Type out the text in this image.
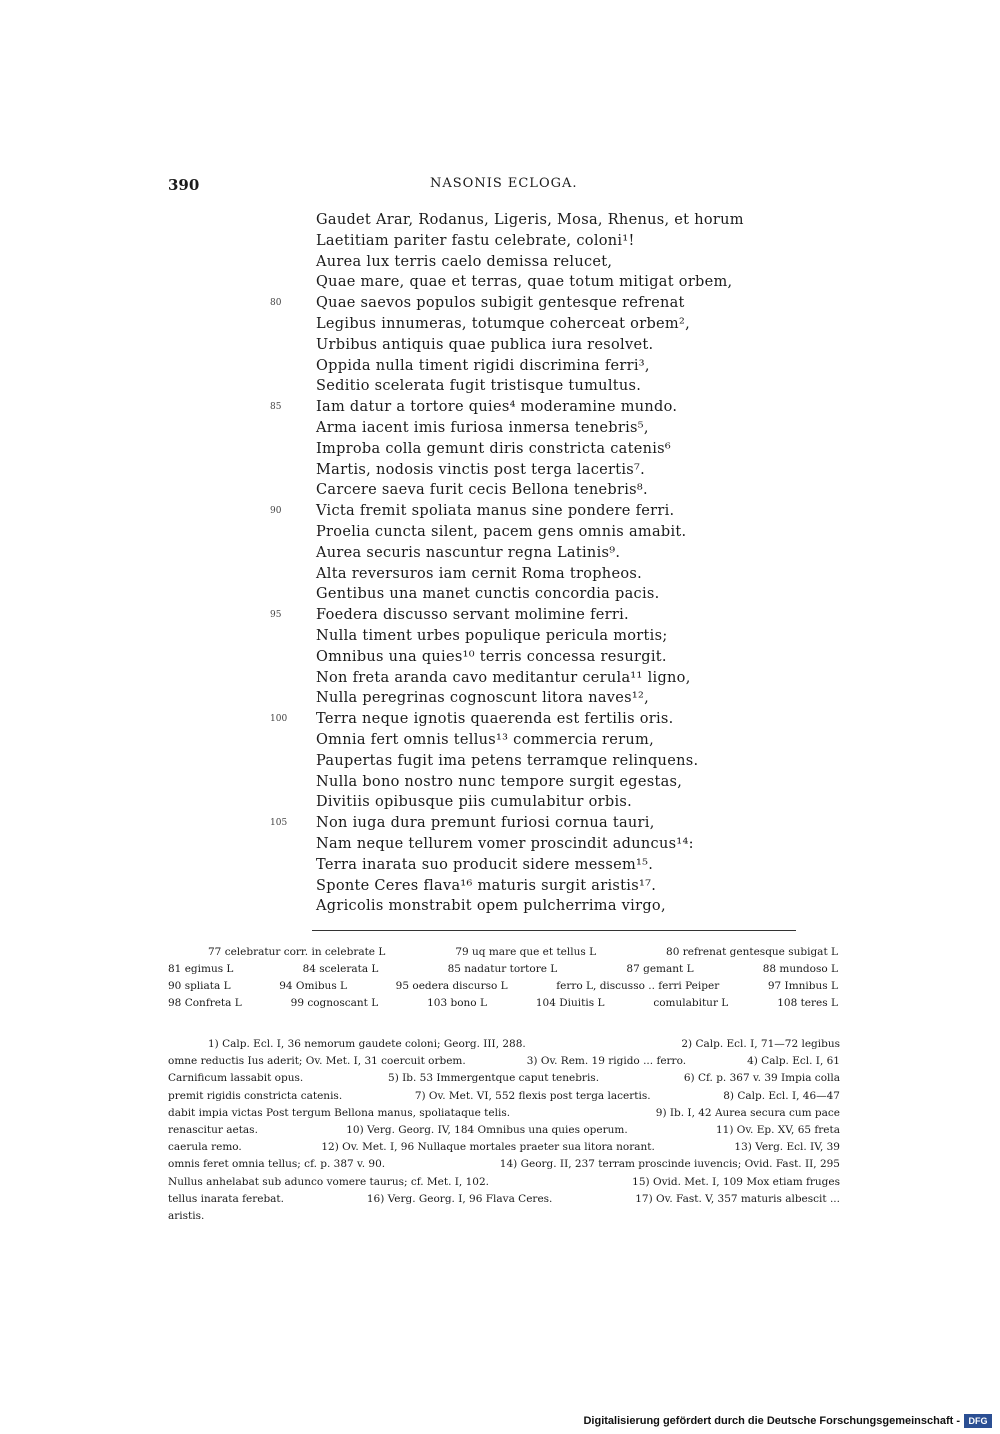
390	NASONIS ECLOGA.
Gaudet Arar, Rodanus, Ligeris, Mosa, Rhenus, et horum
Laetitiam pariter fastu celebrate, coloni¹!
Aurea lux terris caelo demissa relucet,
Quae mare, quae et terras, quae totum mitigat orbem,
80	Quae saevos populos subigit gentesque refrenat
Legibus innumeras, totumque coherceat orbem²,
Urbibus antiquis quae publica iura resolvet.
Oppida nulla timent rigidi discrimina ferri³,
Seditio scelerata fugit tristisque tumultus.
85	Iam datur a tortore quies⁴ moderamine mundo.
Arma iacent imis furiosa inmersa tenebris⁵,
Improba colla gemunt diris constricta catenis⁶
Martis, nodosis vinctis post terga lacertis⁷.
Carcere saeva furit cecis Bellona tenebris⁸.
90	Victa fremit spoliata manus sine pondere ferri.
Proelia cuncta silent, pacem gens omnis amabit.
Aurea securis nascuntur regna Latinis⁹.
Alta reversuros iam cernit Roma tropheos.
Gentibus una manet cunctis concordia pacis.
95	Foedera discusso servant molimine ferri.
Nulla timent urbes populique pericula mortis;
Omnibus una quies¹⁰ terris concessa resurgit.
Non freta aranda cavo meditantur cerula¹¹ ligno,
Nulla peregrinas cognoscunt litora naves¹²,
100	Terra neque ignotis quaerenda est fertilis oris.
Omnia fert omnis tellus¹³ commercia rerum,
Paupertas fugit ima petens terramque relinquens.
Nulla bono nostro nunc tempore surgit egestas,
Divitiis opibusque piis cumulabitur orbis.
105	Non iuga dura premunt furiosi cornua tauri,
Nam neque tellurem vomer proscindit aduncus¹⁴:
Terra inarata suo producit sidere messem¹⁵.
Sponte Ceres flava¹⁶ maturis surgit aristis¹⁷.
Agricolis monstrabit opem pulcherrima virgo,
77 celebratur corr. in celebrate L	79 uq mare que et tellus L	80 refrenat gentesque subigat L
81 egimus L	84 scelerata L	85 nadatur tortore L	87 gemant L	88 mundoso L
90 spliata L	94 Omibus L	95 oedera discurso L	ferro L, discusso .. ferri Peiper	97 Imnibus L
98 Confreta L	99 cognoscant L	103 bono L	104 Diuitis L	comulabitur L	108 teres L
1) Calp. Ecl. I, 36 nemorum gaudete coloni; Georg. III, 288.	2) Calp. Ecl. I, 71—72 legibus
omne reductis Ius aderit; Ov. Met. I, 31 coercuit orbem.	3) Ov. Rem. 19 rigido ... ferro.	4) Calp. Ecl. I, 61
Carnificum lassabit opus.	5) Ib. 53 Immergentque caput tenebris.	6) Cf. p. 367 v. 39 Impia colla
premit rigidis constricta catenis.	7) Ov. Met. VI, 552 flexis post terga lacertis.	8) Calp. Ecl. I, 46—47
dabit impia victas Post tergum Bellona manus, spoliataque telis.	9) Ib. I, 42 Aurea secura cum pace
renascitur aetas.	10) Verg. Georg. IV, 184 Omnibus una quies operum.	11) Ov. Ep. XV, 65 freta
caerula remo.	12) Ov. Met. I, 96 Nullaque mortales praeter sua litora norant.	13) Verg. Ecl. IV, 39
omnis feret omnia tellus; cf. p. 387 v. 90.	14) Georg. II, 237 terram proscinde iuvencis; Ovid. Fast. II, 295
Nullus anhelabat sub adunco vomere taurus; cf. Met. I, 102.	15) Ovid. Met. I, 109 Mox etiam fruges
tellus inarata ferebat.	16) Verg. Georg. I, 96 Flava Ceres.	17) Ov. Fast. V, 357 maturis albescit ...
aristis.
Digitalisierung gefördert durch die Deutsche Forschungsgemeinschaft - DFG
